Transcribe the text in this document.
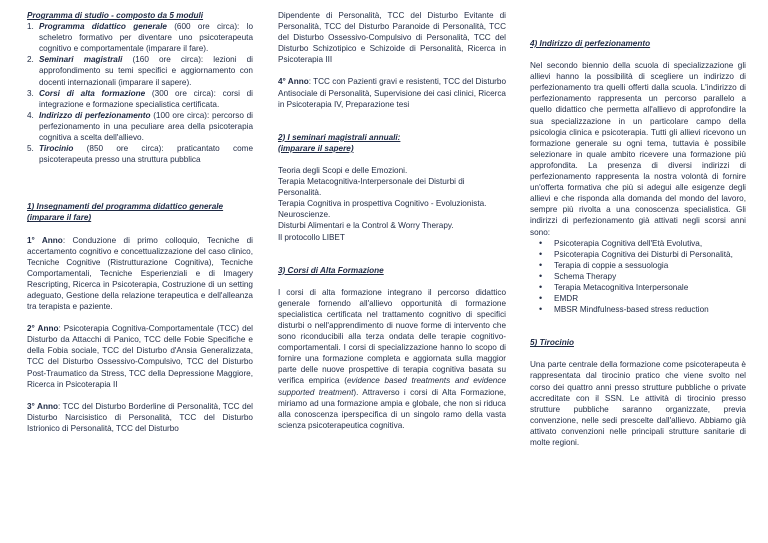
Programma di studio - composto da 5 moduli
1. Programma didattico generale (600 ore circa): lo scheletro formativo per diventare uno psicoterapeuta cognitivo e comportamentale (imparare il fare).
2. Seminari magistrali (160 ore circa): lezioni di approfondimento su temi specifici e aggiornamento con docenti internazionali (imparare il sapere).
3. Corsi di alta formazione (300 ore circa): corsi di integrazione e formazione specialistica certificata.
4. Indirizzo di perfezionamento (100 ore circa): percorso di perfezionamento in una peculiare area della psicoterapia cognitiva a scelta dell'allievo.
5. Tirocinio (850 ore circa): praticantato come psicoterapeuta presso una struttura pubblica
1) Insegnamenti del programma didattico generale
(imparare il fare)

1° Anno: Conduzione di primo colloquio, Tecniche di accertamento cognitivo e concettualizzazione del caso clinico, Tecniche Cognitive (Ristrutturazione Cognitiva), Tecniche Comportamentali, Tecniche Esperienziali e di Imagery Rescripting, Ricerca in Psicoterapia, Costruzione di un setting adeguato, Gestione della relazione terapeutica e dell'alleanza tra terapista e paziente.

2° Anno: Psicoterapia Cognitiva-Comportamentale (TCC) del Disturbo da Attacchi di Panico, TCC delle Fobie Specifiche e della Fobia sociale, TCC del Disturbo d'Ansia Generalizzata, TCC del Disturbo Ossessivo-Compulsivo, TCC del Disturbo Post-Traumatico da Stress, TCC della Depressione Maggiore, Ricerca in Psicoterapia II

3° Anno: TCC del Disturbo Borderline di Personalità, TCC del Disturbo Narcisistico di Personalità, TCC del Disturbo Istrionico di Personalità, TCC del Disturbo

Dipendente di Personalità, TCC del Disturbo Evitante di Personalità, TCC del Disturbo Paranoide di Personalità, TCC del Disturbo Ossessivo-Compulsivo di Personalità, TCC del Disturbo Schizotipico e Schizoide di Personalità, Ricerca in Psicoterapia III

4° Anno: TCC con Pazienti gravi e resistenti, TCC del Disturbo Antisociale di Personalità, Supervisione dei casi clinici, Ricerca in Psicoterapia IV, Preparazione tesi

2) I seminari magistrali annuali:
(imparare il sapere)

Teoria degli Scopi e delle Emozioni.
Terapia Metacognitiva-Interpersonale dei Disturbi di Personalità.
Terapia Cognitiva in prospettiva Cognitivo - Evoluzionista.
Neuroscienze.
Disturbi Alimentari e la Control & Worry Therapy.
Il protocollo LIBET

3) Corsi di Alta Formazione

I corsi di alta formazione integrano il percorso didattico generale fornendo all'allievo opportunità di formazione specialistica certificata nel trattamento cognitivo di specifici disturbi o nell'apprendimento di nuove forme di intervento che sono riconducibili alla terza ondata delle terapie cognitivo-comportamentali. I corsi di specializzazione hanno lo scopo di fornire una formazione completa e aggiornata sulla maggior parte delle nuove prospettive di terapia cognitiva basata su verifica empirica (evidence based treatments and evidence supported treatment). Attraverso i corsi di Alta Formazione, miriamo ad una formazione ampia e globale, che non si riduca alla conoscenza iperspecifica di un singolo ramo della vasta scienza psicoterapeutica cognitiva.

4) Indirizzo di perfezionamento

Nel secondo biennio della scuola di specializzazione gli allievi hanno la possibilità di scegliere un indirizzo di perfezionamento tra quelli offerti dalla scuola. L'indirizzo di perfezionamento rappresenta un percorso parallelo a quello didattico che permetta all'allievo di approfondire la sua specializzazione in un particolare campo della psicologia clinica e psicoterapia. Tutti gli allievi ricevono un formazione generale su ogni tema, tuttavia è possibile selezionare in quale ambito ricevere una formazione più approfondita. La presenza di diversi indirizzi di perfezionamento rappresenta la nostra volontà di fornire un'offerta formativa che più si adegui alle esigenze degli allievi e che risponda alla domanda del mondo del lavoro, sempre più rivolta a una conoscenza specialistica. Gli indirizzi di perfezionamento già attivati negli scorsi anni sono:

• Psicoterapia Cognitiva dell'Età Evolutiva,
• Psicoterapia Cognitiva dei Disturbi di Personalità,
• Terapia di coppie a sessuologia
• Schema Therapy
• Terapia Metacognitiva Interpersonale
• EMDR
• MBSR Mindfulness-based stress reduction
5) Tirocinio

Una parte centrale della formazione come psicoterapeuta è rappresentata dal tirocinio pratico che viene svolto nel corso dei quattro anni presso strutture pubbliche o private accreditate con il SSN. Le attività di tirocinio presso strutture pubbliche saranno organizzate, previa convenzione, nelle sedi prescelte dall'allievo. Abbiamo già attivato convenzioni nelle principali strutture sanitarie di molte regioni.
